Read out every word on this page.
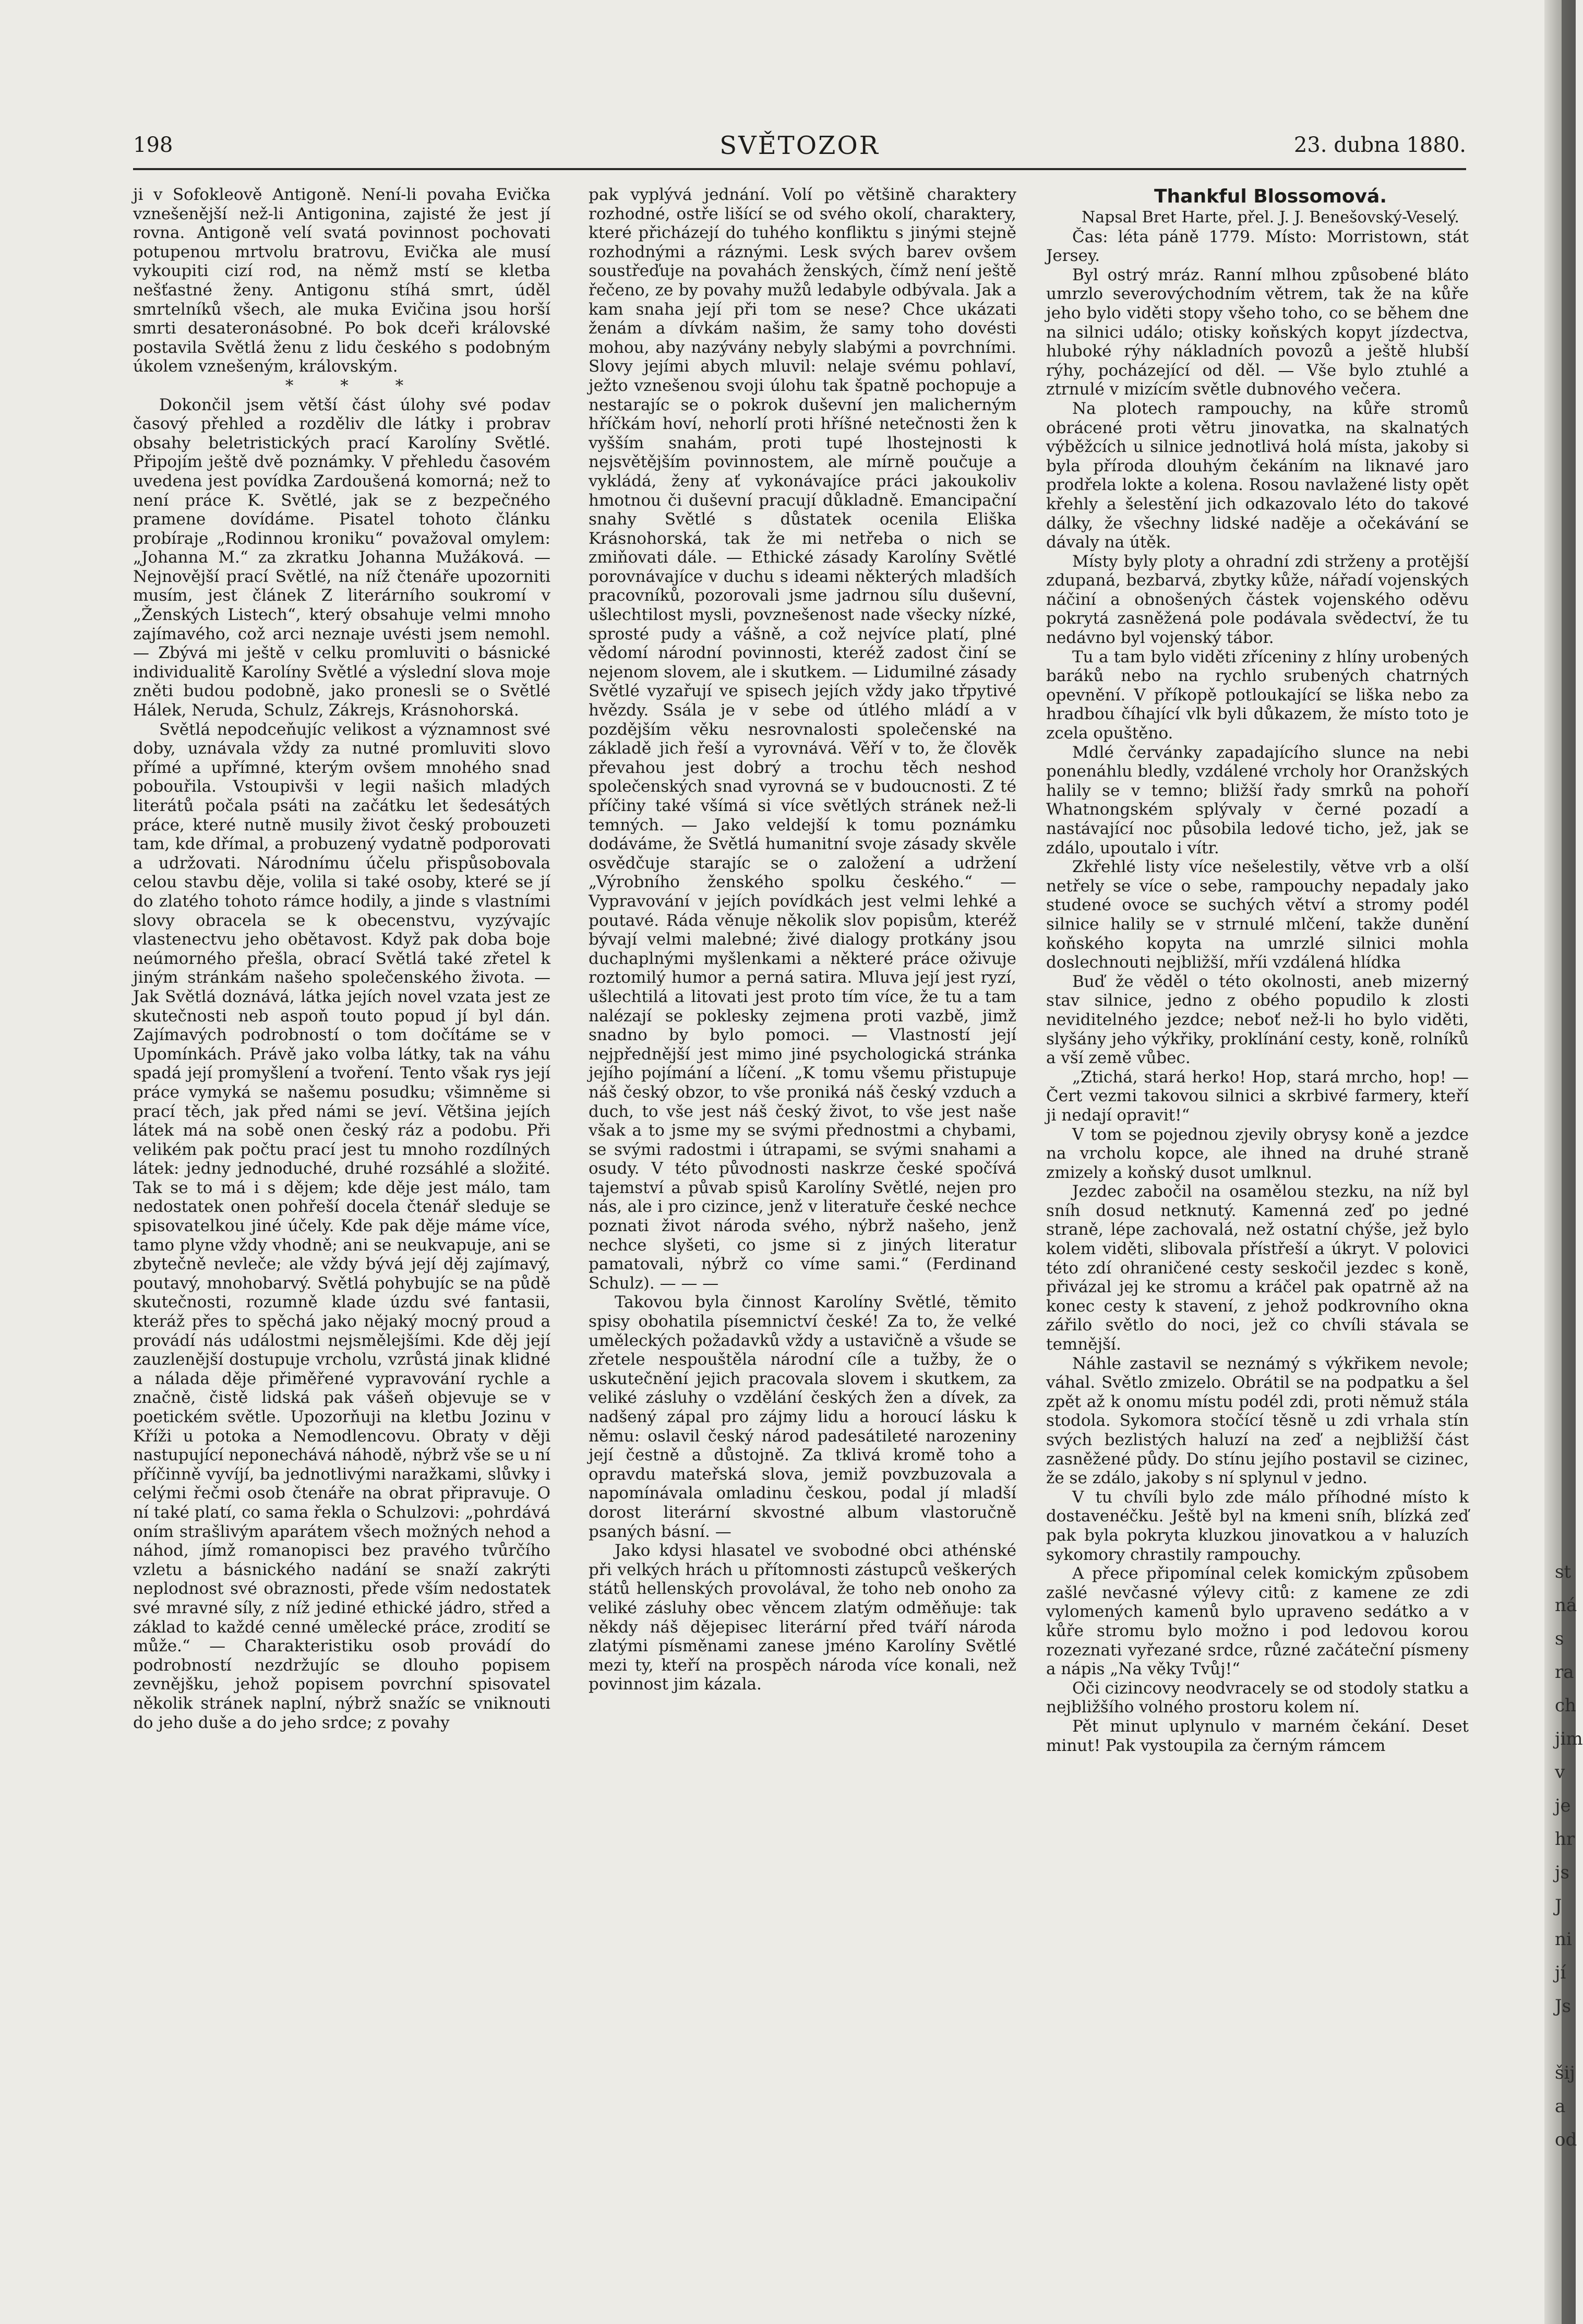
st
ná
s
ra
ch
jim
v
je
hr
js
J
ni
jí
Js
šij
a
od
198	SVĚTOZOR	23. dubna 1880.

ji v Sofokleově Antigoně. Není-li povaha Evička vznešenější než-li Antigonina, zajisté že jest jí rovna. Antigoně velí svatá povinnost pochovati potupenou mrtvolu bratrovu, Evička ale musí vykoupiti cizí rod, na němž mstí se kletba nešťastné ženy. Antigonu stíhá smrt, úděl smrtelníků všech, ale muka Evičina jsou horší smrti desateronásobné. Po bok dceři královské postavila Světlá ženu z lidu českého s podobným úkolem vznešeným, královským.

* * *

Dokončil jsem větší část úlohy své podav časový přehled a rozděliv dle látky i probrav obsahy beletristických prací Karolíny Světlé. Připojím ještě dvě poznámky. V přehledu časovém uvedena jest povídka Zardoušená komorná; než to není práce K. Světlé, jak se z bezpečného pramene dovídáme. Pisatel tohoto článku probíraje „Rodinnou kroniku“ považoval omylem: „Johanna M.“ za zkratku Johanna Mužáková. — Nejnovější prací Světlé, na níž čtenáře upozorniti musím, jest článek Z literárního soukromí v „Ženských Listech“, který obsahuje velmi mnoho zajímavého, což arci neznaje uvésti jsem nemohl. — Zbývá mi ještě v celku promluviti o básnické individualitě Karolíny Světlé a výslední slova moje zněti budou podobně, jako pronesli se o Světlé Hálek, Neruda, Schulz, Zákrejs, Krásnohorská.

Světlá nepodceňujíc velikost a významnost své doby, uznávala vždy za nutné promluviti slovo přímé a upřímné, kterým ovšem mnohého snad pobouřila. Vstoupivši v legii našich mladých literátů počala psáti na začátku let šedesátých práce, které nutně musily život český probouzeti tam, kde dřímal, a probuzený vydatně podporovati a udržovati. Národnímu účelu přispůsobovala celou stavbu děje, volila si také osoby, které se jí do zlatého tohoto rámce hodily, a jinde s vlastními slovy obracela se k obecenstvu, vyzývajíc vlastenectvu jeho obětavost. Když pak doba boje neúmorného přešla, obrací Světlá také zřetel k jiným stránkám našeho společenského života. — Jak Světlá doznává, látka jejích novel vzata jest ze skutečnosti neb aspoň touto popud jí byl dán. Zajímavých podrobností o tom dočítáme se v Upomínkách. Právě jako volba látky, tak na váhu spadá její promyšlení a tvoření. Tento však rys její práce vymyká se našemu posudku; všimněme si prací těch, jak před námi se jeví. Většina jejích látek má na sobě onen český ráz a podobu. Při velikém pak počtu prací jest tu mnoho rozdílných látek: jedny jednoduché, druhé rozsáhlé a složité. Tak se to má i s dějem; kde děje jest málo, tam nedostatek onen pohřeší docela čtenář sleduje se spisovatelkou jiné účely. Kde pak děje máme více, tamo plyne vždy vhodně; ani se neukvapuje, ani se zbytečně nevleče; ale vždy bývá její děj zajímavý, poutavý, mnohobarvý. Světlá pohybujíc se na půdě skutečnosti, rozumně klade úzdu své fantasii, kteráž přes to spěchá jako nějaký mocný proud a provádí nás událostmi nejsmělejšími. Kde děj její zauzlenější dostupuje vrcholu, vzrůstá jinak klidné a nálada děje přiměřené vypravování rychle a značně, čistě lidská pak vášeň objevuje se v poetickém světle. Upozorňuji na kletbu Jozinu v Kříži u potoka a Nemodlencovu. Obraty v ději nastupující neponechává náhodě, nýbrž vše se u ní příčinně vyvíjí, ba jednotlivými naražkami, slůvky i celými řečmi osob čtenáře na obrat připravuje. O ní také platí, co sama řekla o Schulzovi: „pohrdává oním strašlivým aparátem všech možných nehod a náhod, jímž romanopisci bez pravého tvůrčího vzletu a básnického nadání se snaží zakrýti neplodnost své obraznosti, přede vším nedostatek své mravné síly, z níž jediné ethické jádro, střed a základ to každé cenné umělecké práce, zrodití se může.“ — Charakteristiku osob provádí do podrobností nezdržujíc se dlouho popisem zevnějšku, jehož popisem povrchní spisovatel několik stránek naplní, nýbrž snažíc se vniknouti do jeho duše a do jeho srdce; z povahy

pak vyplývá jednání. Volí po většině charaktery rozhodné, ostře lišící se od svého okolí, charaktery, které přicházejí do tuhého konfliktu s jinými stejně rozhodnými a ráznými. Lesk svých barev ovšem soustřeďuje na povahách ženských, čímž není ještě řečeno, ze by povahy mužů ledabyle odbývala. Jak a kam snaha její při tom se nese? Chce ukázati ženám a dívkám našim, že samy toho dovésti mohou, aby nazývány nebyly slabými a povrchními. Slovy jejími abych mluvil: nelaje svému pohlaví, ježto vznešenou svoji úlohu tak špatně pochopuje a nestarajíc se o pokrok duševní jen malicherným hříčkám hoví, nehorlí proti hříšné netečnosti žen k vyšším snahám, proti tupé lhostejnosti k nejsvětějším povinnostem, ale mírně poučuje a vykládá, ženy ať vykonávajíce práci jakoukoliv hmotnou či duševní pracují důkladně. Emancipační snahy Světlé s důstatek ocenila Eliška Krásnohorská, tak že mi netřeba o nich se zmiňovati dále. — Ethické zásady Karolíny Světlé porovnávajíce v duchu s ideami některých mladších pracovníků, pozorovali jsme jadrnou sílu duševní, ušlechtilost mysli, povznešenost nade všecky nízké, sprosté pudy a vášně, a což nejvíce platí, plné vědomí národní povinnosti, kteréž zadost činí se nejenom slovem, ale i skutkem. — Lidumilné zásady Světlé vyzařují ve spisech jejích vždy jako třpytivé hvězdy. Ssála je v sebe od útlého mládí a v pozdějším věku nesrovnalosti společenské na základě jich řeší a vyrovnává. Věří v to, že člověk převahou jest dobrý a trochu těch neshod společenských snad vyrovná se v budoucnosti. Z té příčiny také všímá si více světlých stránek než-li temných. — Jako veldejší k tomu poznámku dodáváme, že Světlá humanitní svoje zásady skvěle osvědčuje starajíc se o založení a udržení „Výrobního ženského spolku českého.“ — Vypravování v jejích povídkách jest velmi lehké a poutavé. Ráda věnuje několik slov popisům, kteréž bývají velmi malebné; živé dialogy protkány jsou duchaplnými myšlenkami a některé práce oživuje roztomilý humor a perná satira. Mluva její jest ryzí, ušlechtilá a litovati jest proto tím více, že tu a tam nalézají se poklesky zejmena proti vazbě, jimž snadno by bylo pomoci. — Vlastností její nejpřednější jest mimo jiné psychologická stránka jejího pojímání a líčení. „K tomu všemu přistupuje náš český obzor, to vše proniká náš český vzduch a duch, to vše jest náš český život, to vše jest naše však a to jsme my se svými přednostmi a chybami, se svými radostmi i útrapami, se svými snahami a osudy. V této původnosti naskrze české spočívá tajemství a půvab spisů Karolíny Světlé, nejen pro nás, ale i pro cizince, jenž v literatuře české nechce poznati život národa svého, nýbrž našeho, jenž nechce slyšeti, co jsme si z jiných literatur pamatovali, nýbrž co víme sami.“ (Ferdinand Schulz). — — —

Takovou byla činnost Karolíny Světlé, těmito spisy obohatila písemnictví české! Za to, že velké uměleckých požadavků vždy a ustavičně a všude se zřetele nespouštěla národní cíle a tužby, že o uskutečnění jejich pracovala slovem i skutkem, za veliké zásluhy o vzdělání českých žen a dívek, za nadšený zápal pro zájmy lidu a horoucí lásku k němu: oslavil český národ padesátileté narozeniny její čestně a důstojně. Za tklivá kromě toho a opravdu mateřská slova, jemiž povzbuzovala a napomínávala omladinu českou, podal jí mladší dorost literární skvostné album vlastoručně psaných básní. —

Jako kdysi hlasatel ve svobodné obci athénské při velkých hrách u přítomnosti zástupců veškerých států hellenských provolával, že toho neb onoho za veliké zásluhy obec věncem zlatým odměňuje: tak někdy náš dějepisec literární před tváří národa zlatými písměnami zanese jméno Karolíny Světlé mezi ty, kteří na prospěch národa více konali, než povinnost jim kázala.

Thankful Blossomová.

Napsal Bret Harte, přel. J. J. Benešovský-Veselý.

Čas: léta páně 1779. Místo: Morristown, stát Jersey.

Byl ostrý mráz. Ranní mlhou způsobené bláto umrzlo severovýchodním větrem, tak že na kůře jeho bylo viděti stopy všeho toho, co se během dne na silnici událo; otisky koňských kopyt jízdectva, hluboké rýhy nákladních povozů a ještě hlubší rýhy, pocházející od děl. — Vše bylo ztuhlé a ztrnulé v mizícím světle dubnového večera.

Na plotech rampouchy, na kůře stromů obrácené proti větru jinovatka, na skalnatých výběžcích u silnice jednotlivá holá místa, jakoby si byla příroda dlouhým čekáním na liknavé jaro prodřela lokte a kolena. Rosou navlažené listy opět křehly a šelestění jich odkazovalo léto do takové dálky, že všechny lidské naděje a očekávání se dávaly na útěk.

Místy byly ploty a ohradní zdi strženy a protější zdupaná, bezbarvá, zbytky kůže, nářadí vojenských náčiní a obnošených částek vojenského oděvu pokrytá zasněžená pole podávala svědectví, že tu nedávno byl vojenský tábor.

Tu a tam bylo viděti zříceniny z hlíny urobených baráků nebo na rychlo srubených chatrných opevnění. V příkopě potloukající se liška nebo za hradbou číhající vlk byli důkazem, že místo toto je zcela opuštěno.

Mdlé červánky zapadajícího slunce na nebi ponenáhlu bledly, vzdálené vrcholy hor Oranžských halily se v temno; bližší řady smrků na pohoří Whatnongském splývaly v černé pozadí a nastávající noc působila ledové ticho, jež, jak se zdálo, upoutalo i vítr.

Zkřehlé listy více nešelestily, větve vrb a olší netřely se více o sebe, rampouchy nepadaly jako studené ovoce se suchých větví a stromy podél silnice halily se v strnulé mlčení, takže dunění koňského kopyta na umrzlé silnici mohla doslechnouti nejbližší, mříi vzdálená hlídka

Buď že věděl o této okolnosti, aneb mizerný stav silnice, jedno z obého popudilo k zlosti neviditelného jezdce; neboť než-li ho bylo viděti, slyšány jeho výkřiky, proklínání cesty, koně, rolníků a vší země vůbec.

„Ztichá, stará herko! Hop, stará mrcho, hop! — Čert vezmi takovou silnici a skrbivé farmery, kteří ji nedají opravit!“

V tom se pojednou zjevily obrysy koně a jezdce na vrcholu kopce, ale ihned na druhé straně zmizely a koňský dusot umlknul.

Jezdec zabočil na osamělou stezku, na níž byl sníh dosud netknutý. Kamenná zeď po jedné straně, lépe zachovalá, než ostatní chýše, jež bylo kolem viděti, slibovala přístřeší a úkryt. V polovici této zdí ohraničené cesty seskočil jezdec s koně, přivázal jej ke stromu a kráčel pak opatrně až na konec cesty k stavení, z jehož podkrovního okna zářilo světlo do noci, jež co chvíli stávala se temnější.

Náhle zastavil se neznámý s výkřikem nevole; váhal. Světlo zmizelo. Obrátil se na podpatku a šel zpět až k onomu místu podél zdi, proti němuž stála stodola. Sykomora stočící těsně u zdi vrhala stín svých bezlistých haluzí na zeď a nejbližší část zasněžené půdy. Do stínu jejího postavil se cizinec, že se zdálo, jakoby s ní splynul v jedno.

V tu chvíli bylo zde málo příhodné místo k dostavenéčku. Ještě byl na kmeni sníh, blízká zeď pak byla pokryta kluzkou jinovatkou a v haluzích sykomory chrastily rampouchy.

A přece připomínal celek komickým způsobem zašlé nevčasné výlevy citů: z kamene ze zdi vylomených kamenů bylo upraveno sedátko a v kůře stromu bylo možno i pod ledovou korou rozeznati vyřezané srdce, různé začáteční písmeny a nápis „Na věky Tvůj!“

Oči cizincovy neodvracely se od stodoly statku a nejbližšího volného prostoru kolem ní.

Pět minut uplynulo v marném čekání. Deset minut! Pak vystoupila za černým rámcem
